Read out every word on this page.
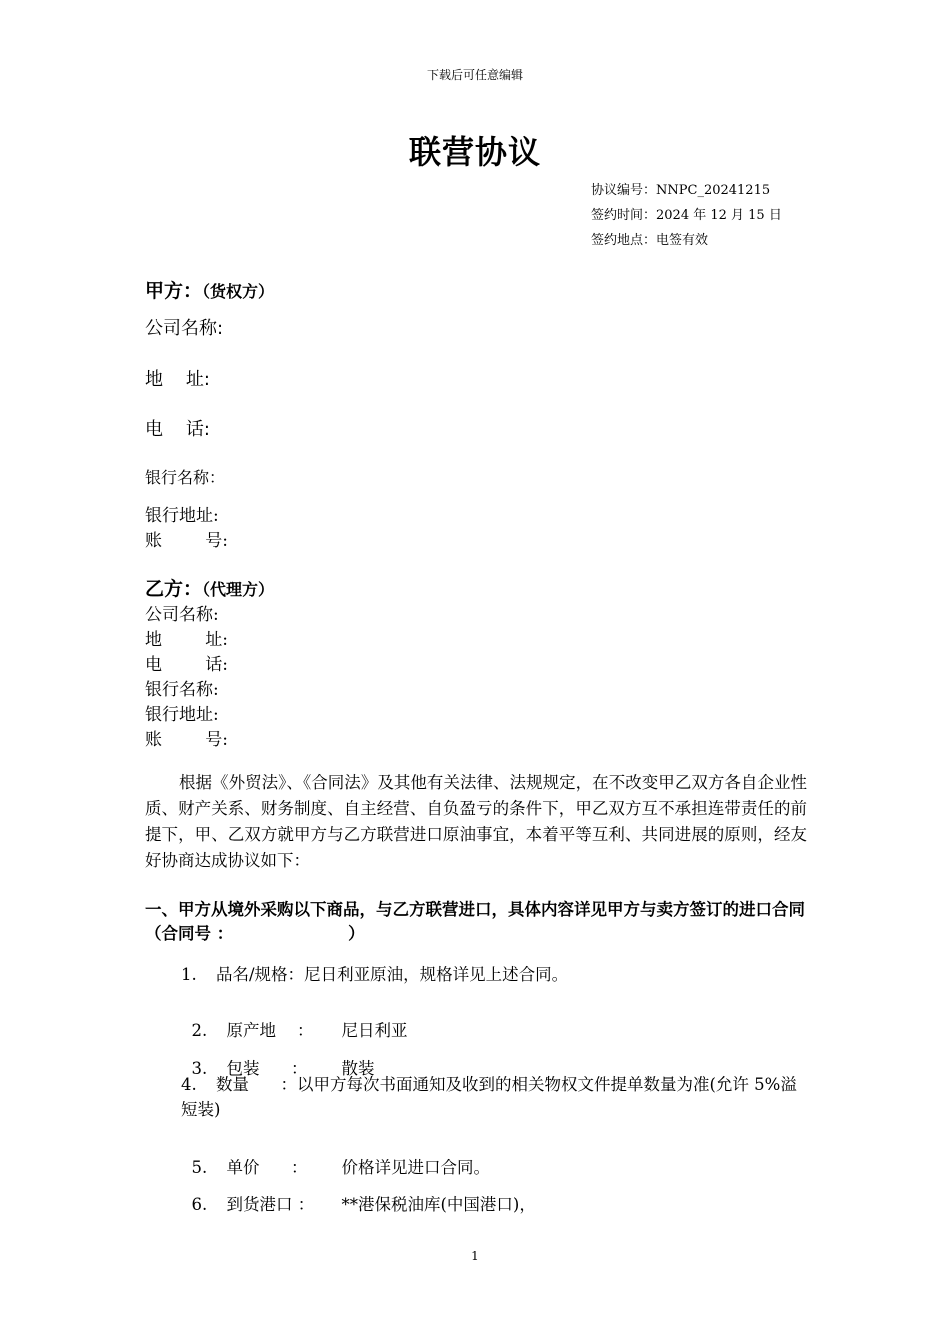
下载后可任意编辑
联营协议
协议编号：NNPC_20241215
签约时间：2024 年 12 月 15 日
签约地点：电签有效
甲方：（货权方）
公司名称:
地    址:
电    话:
银行名称：
银行地址:
账        号:
乙方：（代理方）
公司名称:
地        址:
电        话:
银行名称:
银行地址:
账        号:
根据《外贸法》、《合同法》及其他有关法律、法规规定，在不改变甲乙双方各自企业性质、财产关系、财务制度、自主经营、自负盈亏的条件下，甲乙双方互不承担连带责任的前提下，甲、乙双方就甲方与乙方联营进口原油事宜，本着平等互利、共同进展的原则，经友好协商达成协议如下：
一、甲方从境外采购以下商品，与乙方联营进口，具体内容详见甲方与卖方签订的进口合同（合同号 ：                    ）
1. 品名/规格：尼日利亚原油，规格详见上述合同。

2. 原产地    ： 尼日利亚

3. 包装      ： 散装

4. 数量      ：以甲方每次书面通知及收到的相关物权文件提单数量为准(允许 5%溢短装)

5. 单价      ： 价格详见进口合同。

6. 到货港口 ： **港保税油库(中国港口)，

1
